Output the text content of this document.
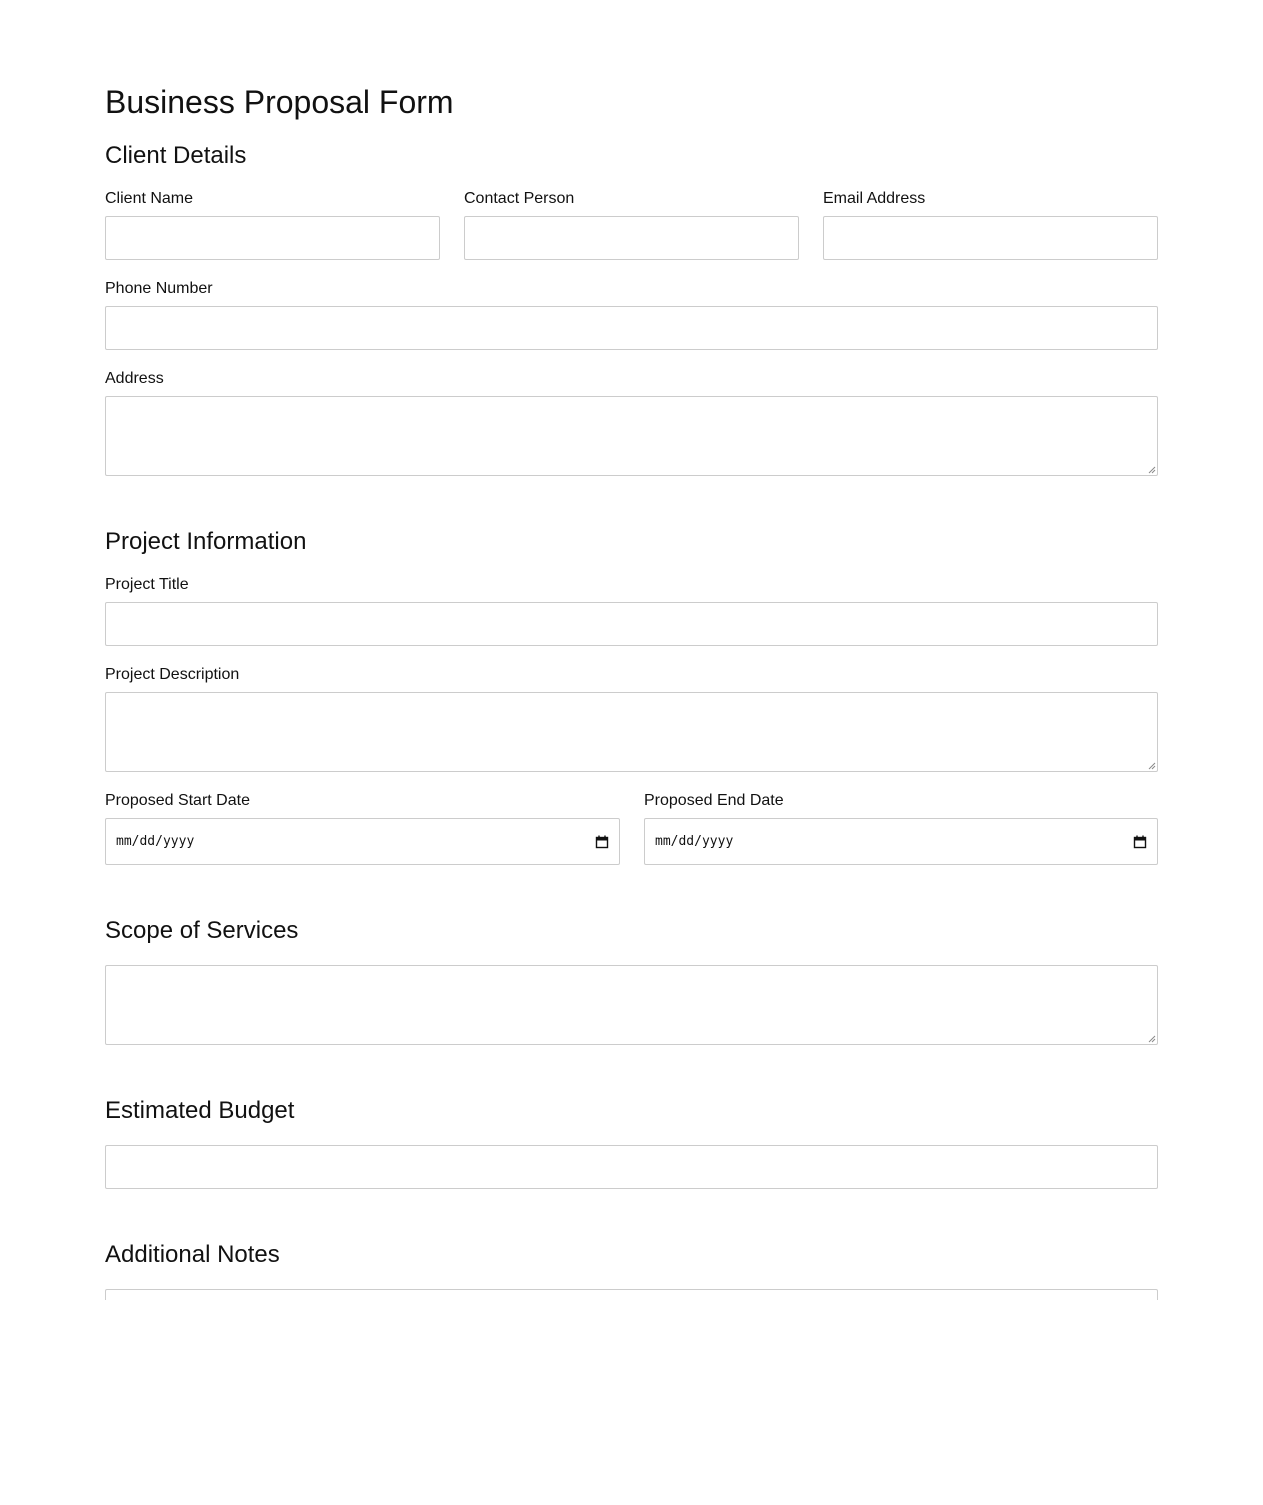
Business Proposal Form
Client Details
Client Name	Contact Person	Email Address
Phone Number
Address
Project Information
Project Title
Project Description
Proposed Start Date
mm/dd/yyyy
Proposed End Date
mm/dd/yyyy
Scope of Services
Estimated Budget
Additional Notes
